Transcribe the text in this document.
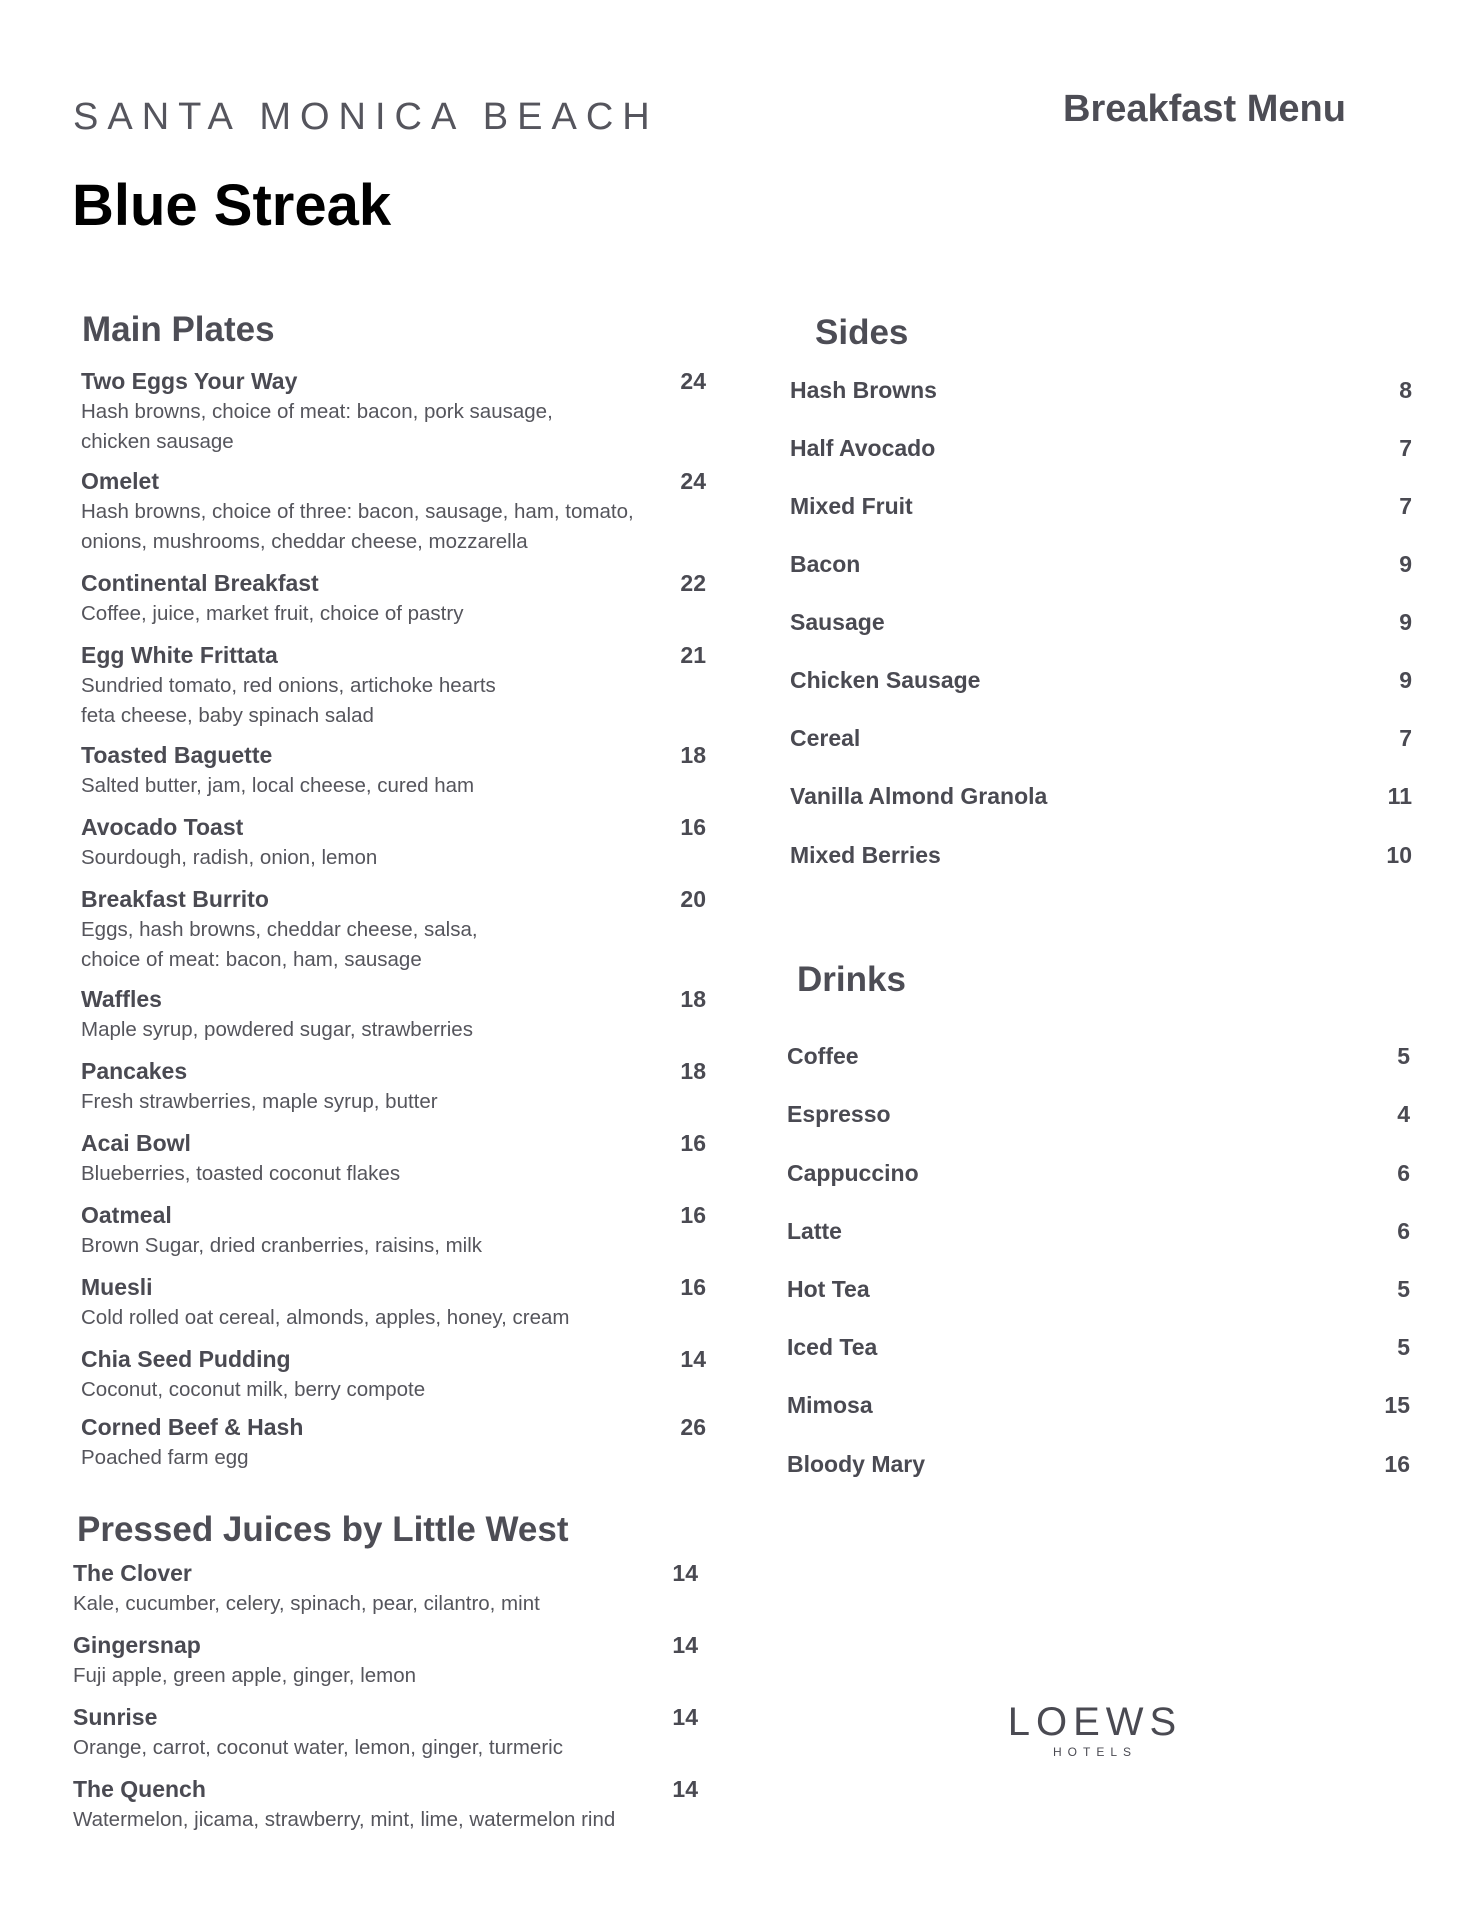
SANTA MONICA BEACH	Breakfast Menu
Blue Streak
Main Plates
Two Eggs Your Way	24
Hash browns, choice of meat: bacon, pork sausage,
chicken sausage
Omelet	24
Hash browns, choice of three: bacon, sausage, ham, tomato,
onions, mushrooms, cheddar cheese, mozzarella
Continental Breakfast	22
Coffee, juice, market fruit, choice of pastry
Egg White Frittata	21
Sundried tomato, red onions, artichoke hearts
feta cheese, baby spinach salad
Toasted Baguette	18
Salted butter, jam, local cheese, cured ham
Avocado Toast	16
Sourdough, radish, onion, lemon
Breakfast Burrito	20
Eggs, hash browns, cheddar cheese, salsa,
choice of meat: bacon, ham, sausage
Waffles	18
Maple syrup, powdered sugar, strawberries
Pancakes	18
Fresh strawberries, maple syrup, butter
Acai Bowl	16
Blueberries, toasted coconut flakes
Oatmeal	16
Brown Sugar, dried cranberries, raisins, milk
Muesli	16
Cold rolled oat cereal, almonds, apples, honey, cream
Chia Seed Pudding	14
Coconut, coconut milk, berry compote
Corned Beef & Hash	26
Poached farm egg
Pressed Juices by Little West
The Clover	14
Kale, cucumber, celery, spinach, pear, cilantro, mint
Gingersnap	14
Fuji apple, green apple, ginger, lemon
Sunrise	14
Orange, carrot, coconut water, lemon, ginger, turmeric
The Quench	14
Watermelon, jicama, strawberry, mint, lime, watermelon rind
Sides
Hash Browns	8
Half Avocado	7
Mixed Fruit	7
Bacon	9
Sausage	9
Chicken Sausage	9
Cereal	7
Vanilla Almond Granola	11
Mixed Berries	10
Drinks
Coffee	5
Espresso	4
Cappuccino	6
Latte	6
Hot Tea	5
Iced Tea	5
Mimosa	15
Bloody Mary	16
LOEWS
HOTELS
